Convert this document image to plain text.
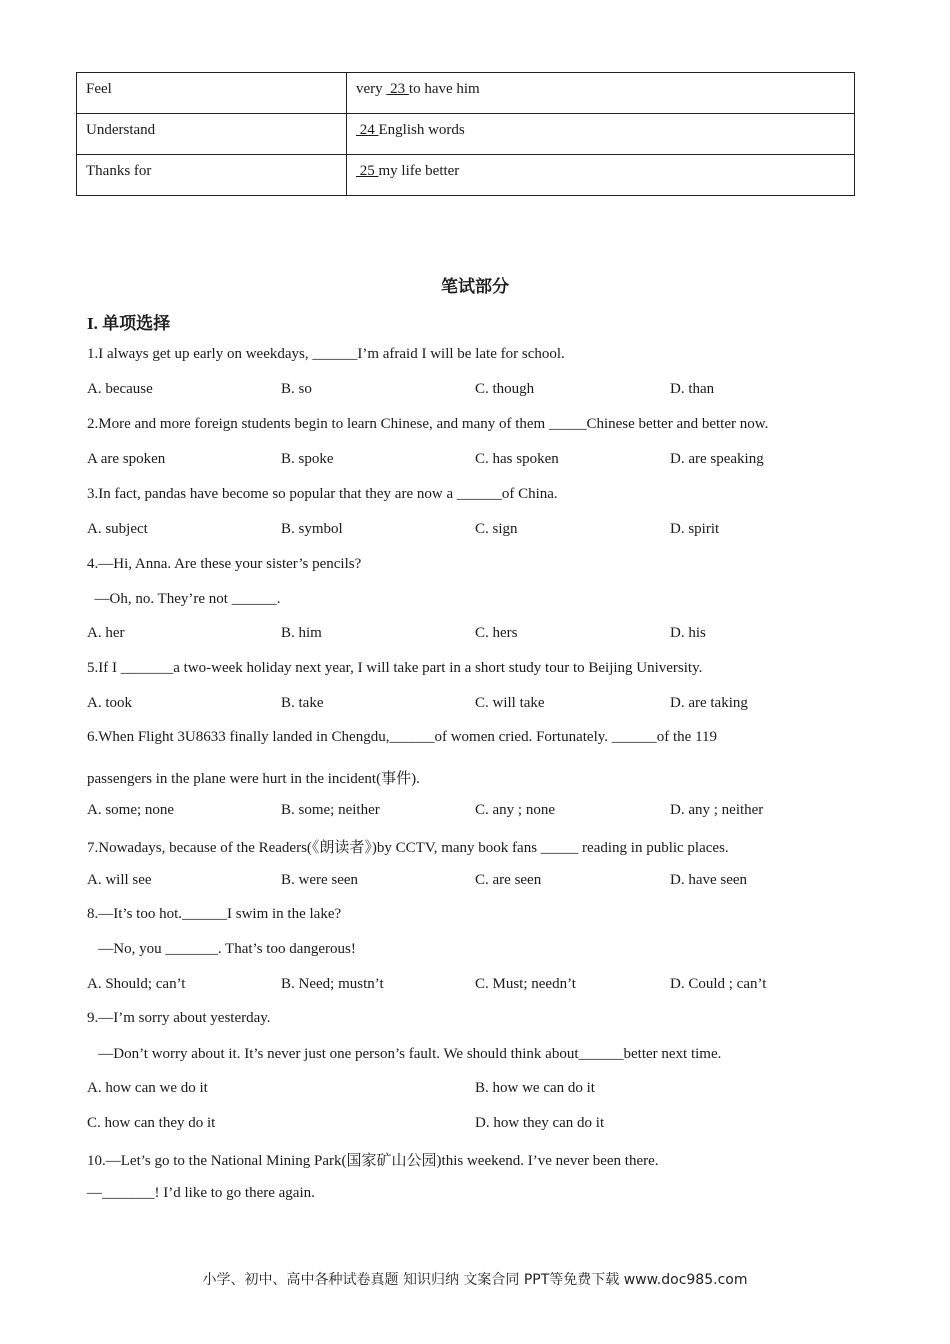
Feel	very  23 to have him
Understand	24 English words
Thanks for	25 my life better
笔试部分
I. 单项选择
1.I always get up early on weekdays, ______I’m afraid I will be late for school.
A. because	B. so	C. though	D. than
2.More and more foreign students begin to learn Chinese, and many of them _____Chinese better and better now.
A are spoken	B. spoke	C. has spoken	D. are speaking
3.In fact, pandas have become so popular that they are now a ______of China.
A. subject	B. symbol	C. sign	D. spirit
4.—Hi, Anna. Are these your sister’s pencils?
—Oh, no. They’re not ______.
A. her	B. him	C. hers	D. his
5.If I _______a two-week holiday next year, I will take part in a short study tour to Beijing University.
A. took	B. take	C. will take	D. are taking
6.When Flight 3U8633 finally landed in Chengdu,______of women cried. Fortunately. ______of the 119
passengers in the plane were hurt in the incident(事件).
A. some; none	B. some; neither	C. any ; none	D. any ; neither
7.Nowadays, because of the Readers(《朗读者》)by CCTV, many book fans _____ reading in public places.
A. will see	B. were seen	C. are seen	D. have seen
8.—It’s too hot.______I swim in the lake?
—No, you _______. That’s too dangerous!
A. Should; can’t	B. Need; mustn’t	C. Must; needn’t	D. Could ; can’t
9.—I’m sorry about yesterday.
—Don’t worry about it. It’s never just one person’s fault. We should think about______better next time.
A. how can we do it	B. how we can do it
C. how can they do it	D. how they can do it
10.—Let’s go to the National Mining Park(国家矿山公园)this weekend. I’ve never been there.
—_______! I’d like to go there again.
小学、初中、高中各种试卷真题 知识归纳 文案合同 PPT等免费下载 www.doc985.com
